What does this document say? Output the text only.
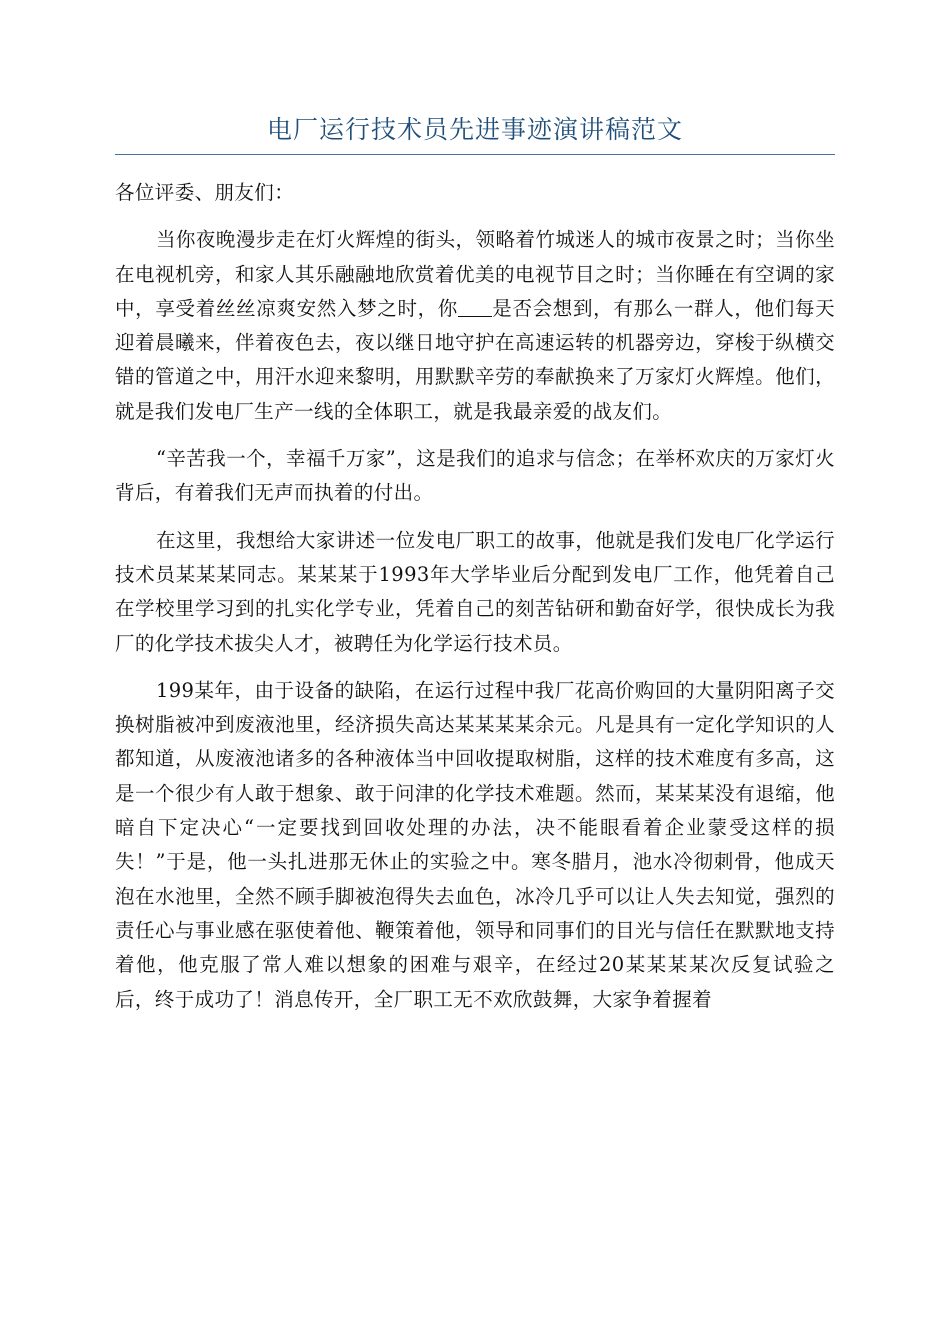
电厂运行技术员先进事迹演讲稿范文

各位评委、朋友们：

当你夜晚漫步走在灯火辉煌的街头，领略着竹城迷人的城市夜景之时；当你坐在电视机旁，和家人其乐融融地欣赏着优美的电视节目之时；当你睡在有空调的家中，享受着丝丝凉爽安然入梦之时，你 是否会想到，有那么一群人，他们每天迎着晨曦来，伴着夜色去，夜以继日地守护在高速运转的机器旁边，穿梭于纵横交错的管道之中，用汗水迎来黎明，用默默辛劳的奉献换来了万家灯火辉煌。他们，就是我们发电厂生产一线的全体职工，就是我最亲爱的战友们。

“辛苦我一个，幸福千万家”，这是我们的追求与信念；在举杯欢庆的万家灯火背后，有着我们无声而执着的付出。

在这里，我想给大家讲述一位发电厂职工的故事，他就是我们发电厂化学运行技术员某某某同志。某某某于1993年大学毕业后分配到发电厂工作，他凭着自己在学校里学习到的扎实化学专业，凭着自己的刻苦钻研和勤奋好学，很快成长为我厂的化学技术拔尖人才，被聘任为化学运行技术员。

199某年，由于设备的缺陷，在运行过程中我厂花高价购回的大量阴阳离子交换树脂被冲到废液池里，经济损失高达某某某某余元。凡是具有一定化学知识的人都知道，从废液池诸多的各种液体当中回收提取树脂，这样的技术难度有多高，这是一个很少有人敢于想象、敢于问津的化学技术难题。然而，某某某没有退缩，他暗自下定决心“一定要找到回收处理的办法，决不能眼看着企业蒙受这样的损失！”于是，他一头扎进那无休止的实验之中。寒冬腊月，池水冷彻刺骨，他成天泡在水池里，全然不顾手脚被泡得失去血色，冰冷几乎可以让人失去知觉，强烈的责任心与事业感在驱使着他、鞭策着他，领导和同事们的目光与信任在默默地支持着他，他克服了常人难以想象的困难与艰辛，在经过20某某某某次反复试验之后，终于成功了！消息传开，全厂职工无不欢欣鼓舞，大家争着握着
